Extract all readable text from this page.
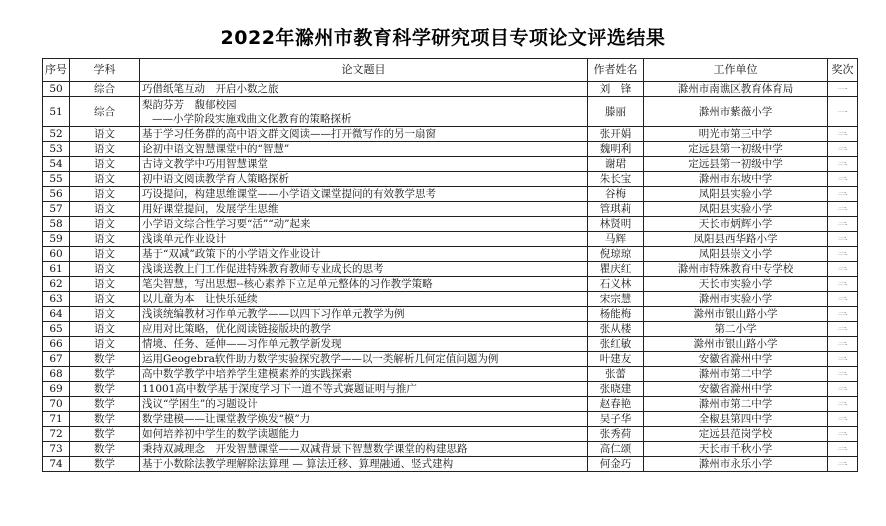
2022年滁州市教育科学研究项目专项论文评选结果
序号	学科	论文题目	作者姓名	工作单位	奖次
50	综合	巧借纸笔互动　开启小数之旅	刘　锋	滁州市南谯区教育体育局	一
51	综合	梨韵芬芳　馥郁校园
——小学阶段实施戏曲文化教育的策略探析	滕丽	滁州市紫薇小学	一
52	语文	基于学习任务群的高中语文群文阅读——打开微写作的另一扇窗	张开娟	明光市第三中学	二
53	语文	论初中语文智慧课堂中的“智慧”	魏明利	定远县第一初级中学	二
54	语文	古诗文教学中巧用智慧课堂	谢珺	定远县第一初级中学	二
55	语文	初中语文阅读教学育人策略探析	朱长宝	滁州市东坡中学	二
56	语文	巧设提问，构建思维课堂——小学语文课堂提问的有效教学思考	谷梅	凤阳县实验小学	二
57	语文	用好课堂提问，发展学生思维	管琪莉	凤阳县实验小学	二
58	语文	小学语文综合性学习要“活”“动”起来	林贤明	天长市炳辉小学	二
59	语文	浅谈单元作业设计	马辉	凤阳县西华路小学	二
60	语文	基于“双减”政策下的小学语文作业设计	倪琼琼	凤阳县崇文小学	二
61	语文	浅谈送教上门工作促进特殊教育教师专业成长的思考	瞿庆红	滁州市特殊教育中专学校	二
62	语文	笔尖智慧，写出思想--核心素养下立足单元整体的习作教学策略	石义林	天长市实验小学	二
63	语文	以儿童为本　让快乐延续	宋宗慧	滁州市实验小学	二
64	语文	浅谈统编教材习作单元教学——以四下习作单元教学为例	杨能梅	滁州市银山路小学	二
65	语文	应用对比策略，优化阅读链接版块的教学	张从楼	第二小学	二
66	语文	情境、任务、延伸——习作单元教学新发现	张红敏	滁州市银山路小学	二
67	数学	运用Geogebra软件助力数学实验探究教学——以一类解析几何定值问题为例	叶建友	安徽省滁州中学	二
68	数学	高中数学教学中培养学生建模素养的实践探索	张蕾	滁州市第二中学	二
69	数学	11001高中数学基于深度学习下一道不等式赛题证明与推广	张晓建	安徽省滁州中学	二
70	数学	浅议“学困生”的习题设计	赵春艳	滁州市第二中学	二
71	数学	数学建模——让课堂教学焕发“模”力	吴子华	全椒县第四中学	二
72	数学	如何培养初中学生的数学读题能力	张秀荷	定远县范岗学校	二
73	数学	秉持双减理念　开发智慧课堂——双减背景下智慧数学课堂的构建思路	高仁颂	天长市千秋小学	二
74	数学	基于小数除法教学理解除法算理 — 算法迁移、算理融通、竖式建构	何金巧	滁州市永乐小学	二
